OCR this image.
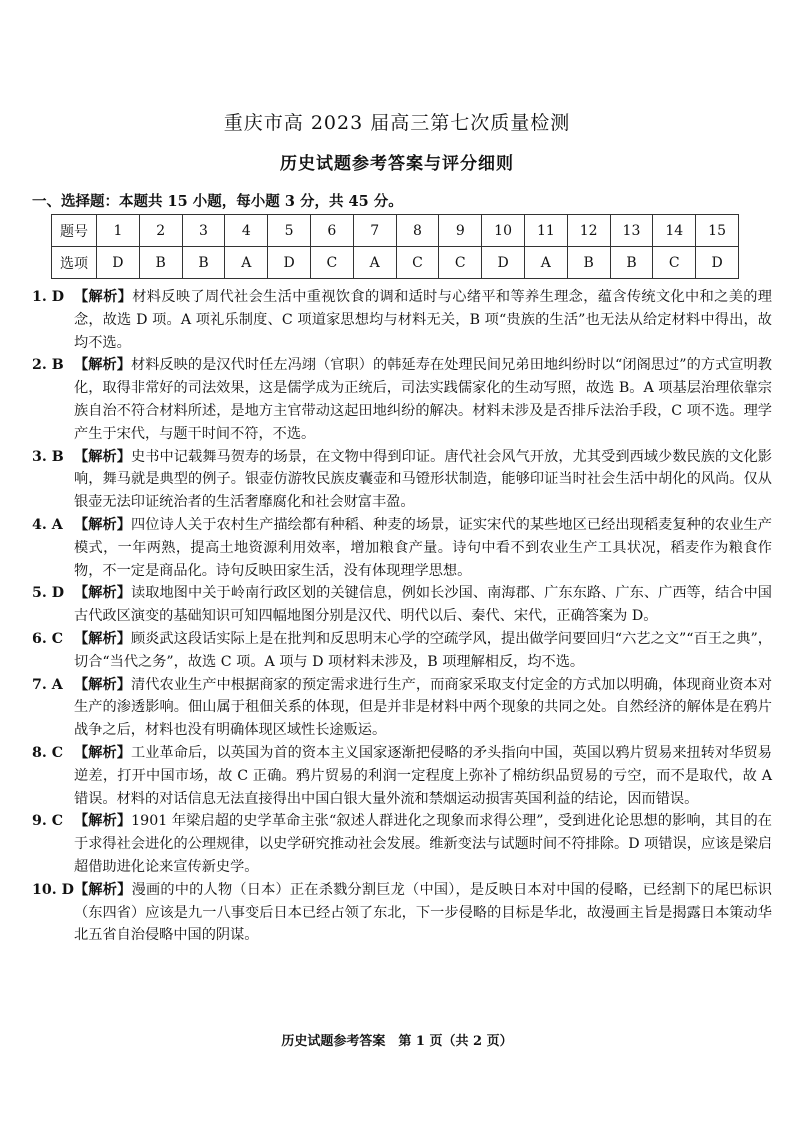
重庆市高 2023 届高三第七次质量检测
历史试题参考答案与评分细则
一、选择题：本题共 15 小题，每小题 3 分，共 45 分。
题号	1	2	3	4	5	6	7	8	9	10	11	12	13	14	15
选项	D	B	B	A	D	C	A	C	C	D	A	B	B	C	D
1. D 【解析】材料反映了周代社会生活中重视饮食的调和适时与心绪平和等养生理念，蕴含传统文化中和之美的理念，故选 D 项。A 项礼乐制度、C 项道家思想均与材料无关，B 项“贵族的生活”也无法从给定材料中得出，故均不选。
2. B 【解析】材料反映的是汉代时任左冯翊（官职）的韩延寿在处理民间兄弟田地纠纷时以“闭阁思过”的方式宣明教化，取得非常好的司法效果，这是儒学成为正统后，司法实践儒家化的生动写照，故选 B。A 项基层治理依靠宗族自治不符合材料所述，是地方主官带动这起田地纠纷的解决。材料未涉及是否排斥法治手段，C 项不选。理学产生于宋代，与题干时间不符，不选。
3. B 【解析】史书中记载舞马贺寿的场景，在文物中得到印证。唐代社会风气开放，尤其受到西域少数民族的文化影响，舞马就是典型的例子。银壶仿游牧民族皮囊壶和马镫形状制造，能够印证当时社会生活中胡化的风尚。仅从银壶无法印证统治者的生活奢靡腐化和社会财富丰盈。
4. A 【解析】四位诗人关于农村生产描绘都有种稻、种麦的场景，证实宋代的某些地区已经出现稻麦复种的农业生产模式，一年两熟，提高土地资源利用效率，增加粮食产量。诗句中看不到农业生产工具状况，稻麦作为粮食作物，不一定是商品化。诗句反映田家生活，没有体现理学思想。
5. D 【解析】读取地图中关于岭南行政区划的关键信息，例如长沙国、南海郡、广东东路、广东、广西等，结合中国古代政区演变的基础知识可知四幅地图分别是汉代、明代以后、秦代、宋代，正确答案为 D。
6. C 【解析】顾炎武这段话实际上是在批判和反思明末心学的空疏学风，提出做学问要回归“六艺之文”“百王之典”，切合“当代之务”，故选 C 项。A 项与 D 项材料未涉及，B 项理解相反，均不选。
7. A 【解析】清代农业生产中根据商家的预定需求进行生产，而商家采取支付定金的方式加以明确，体现商业资本对生产的渗透影响。佃山属于租佃关系的体现，但是并非是材料中两个现象的共同之处。自然经济的解体是在鸦片战争之后，材料也没有明确体现区域性长途贩运。
8. C 【解析】工业革命后，以英国为首的资本主义国家逐渐把侵略的矛头指向中国，英国以鸦片贸易来扭转对华贸易逆差，打开中国市场，故 C 正确。鸦片贸易的利润一定程度上弥补了棉纺织品贸易的亏空，而不是取代，故 A 错误。材料的对话信息无法直接得出中国白银大量外流和禁烟运动损害英国利益的结论，因而错误。
9. C 【解析】1901 年梁启超的史学革命主张“叙述人群进化之现象而求得公理”，受到进化论思想的影响，其目的在于求得社会进化的公理规律，以史学研究推动社会发展。维新变法与试题时间不符排除。D 项错误，应该是梁启超借助进化论来宣传新史学。
10. D 【解析】漫画的中的人物（日本）正在杀戮分割巨龙（中国），是反映日本对中国的侵略，已经割下的尾巴标识（东四省）应该是九一八事变后日本已经占领了东北，下一步侵略的目标是华北，故漫画主旨是揭露日本策动华北五省自治侵略中国的阴谋。
历史试题参考答案　第 1 页（共 2 页）
